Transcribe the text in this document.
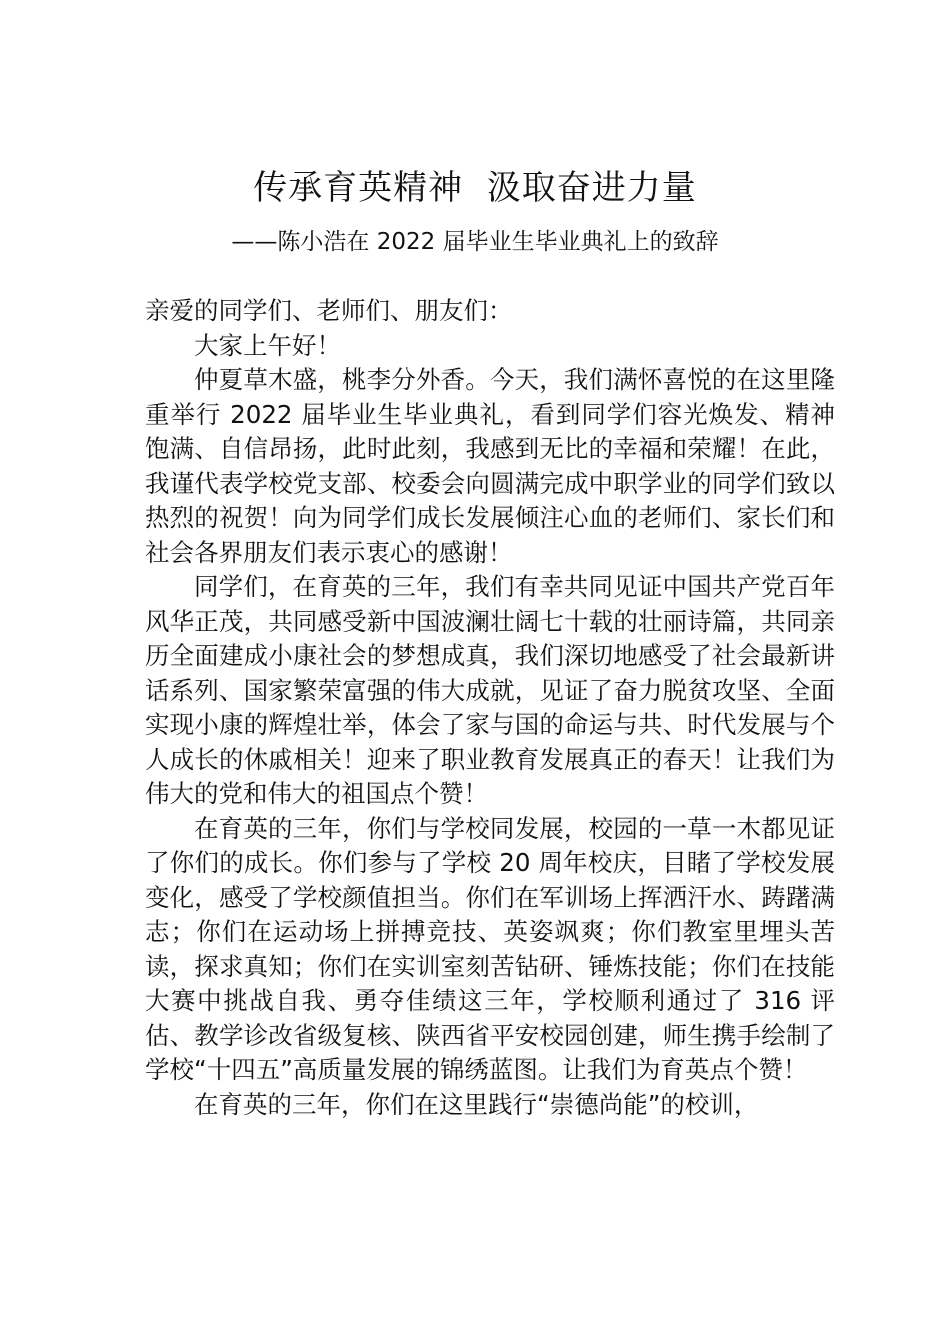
传承育英精神  汲取奋进力量
——陈小浩在 2022 届毕业生毕业典礼上的致辞

亲爱的同学们、老师们、朋友们：

大家上午好！

仲夏草木盛，桃李分外香。今天，我们满怀喜悦的在这里隆重举行 2022 届毕业生毕业典礼，看到同学们容光焕发、精神饱满、自信昂扬，此时此刻，我感到无比的幸福和荣耀！在此，我谨代表学校党支部、校委会向圆满完成中职学业的同学们致以热烈的祝贺！向为同学们成长发展倾注心血的老师们、家长们和社会各界朋友们表示衷心的感谢！

同学们，在育英的三年，我们有幸共同见证中国共产党百年风华正茂，共同感受新中国波澜壮阔七十载的壮丽诗篇，共同亲历全面建成小康社会的梦想成真，我们深切地感受了社会最新讲话系列、国家繁荣富强的伟大成就，见证了奋力脱贫攻坚、全面实现小康的辉煌壮举，体会了家与国的命运与共、时代发展与个人成长的休戚相关！迎来了职业教育发展真正的春天！让我们为伟大的党和伟大的祖国点个赞！

在育英的三年，你们与学校同发展，校园的一草一木都见证了你们的成长。你们参与了学校 20 周年校庆，目睹了学校发展变化，感受了学校颜值担当。你们在军训场上挥洒汗水、踌躇满志；你们在运动场上拼搏竞技、英姿飒爽；你们教室里埋头苦读，探求真知；你们在实训室刻苦钻研、锤炼技能；你们在技能大赛中挑战自我、勇夺佳绩这三年，学校顺利通过了 316 评估、教学诊改省级复核、陕西省平安校园创建，师生携手绘制了学校“十四五”高质量发展的锦绣蓝图。让我们为育英点个赞！

在育英的三年，你们在这里践行“崇德尚能”的校训，
